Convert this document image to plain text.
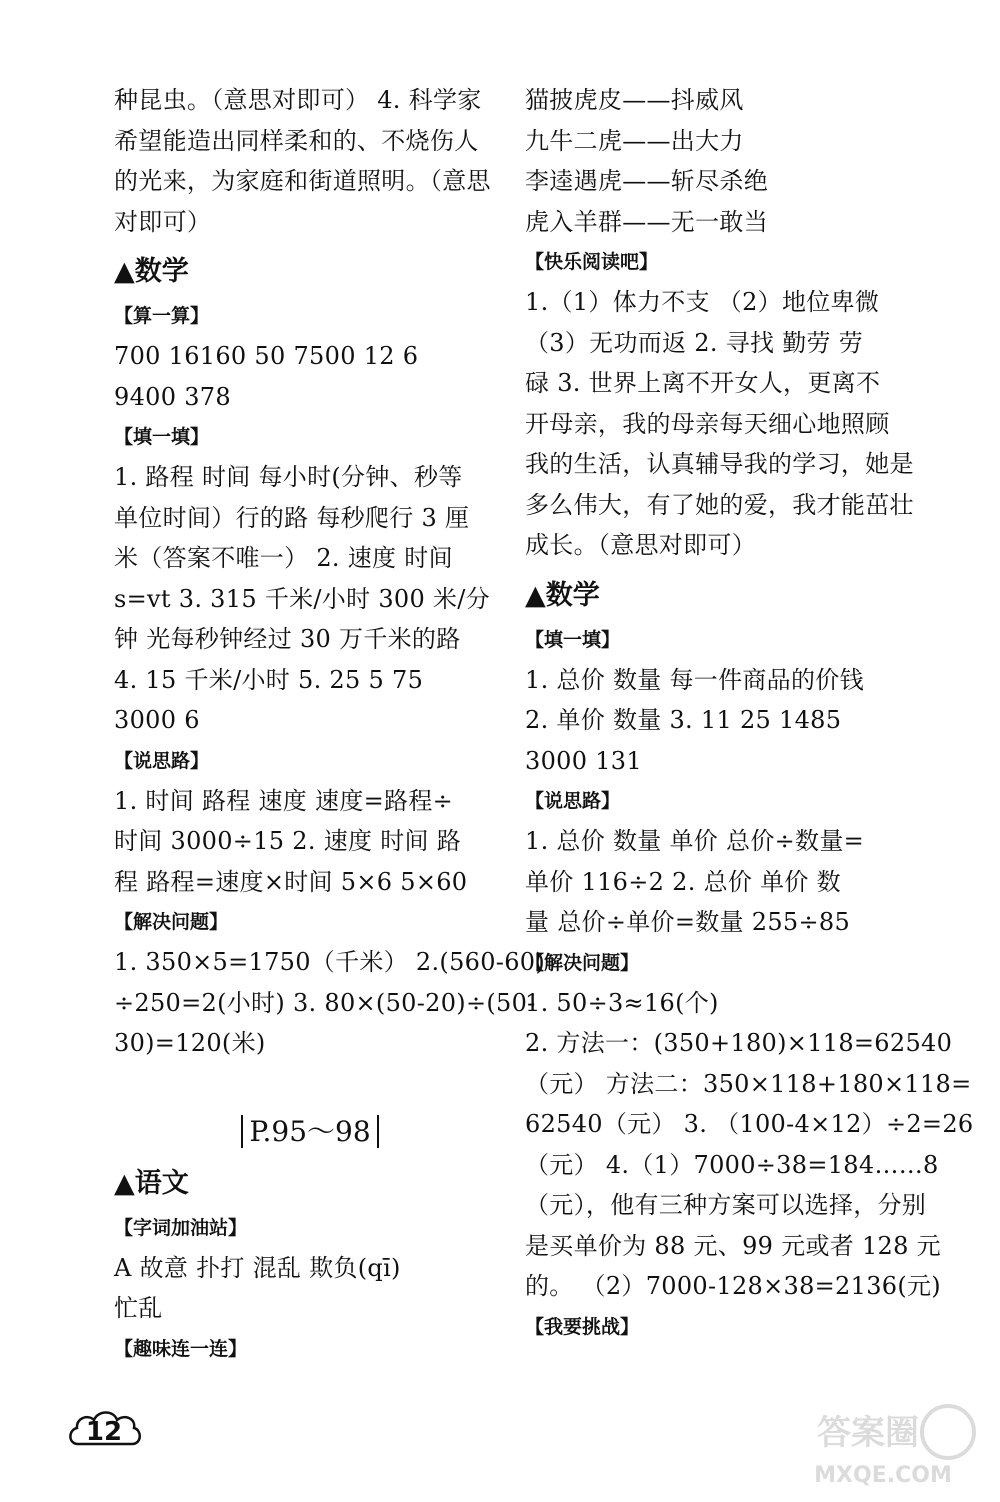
种昆虫。（意思对即可） 4. 科学家
希望能造出同样柔和的、不烧伤人
的光来，为家庭和街道照明。（意思
对即可）
▲数学
【算一算】
700 16160 50 7500 12 6
9400 378
【填一填】
1. 路程 时间 每小时(分钟、秒等
单位时间）行的路 每秒爬行 3 厘
米（答案不唯一） 2. 速度 时间
s=vt 3. 315 千米/小时 300 米/分
钟 光每秒钟经过 30 万千米的路
4. 15 千米/小时 5. 25 5 75
3000 6
【说思路】
1. 时间 路程 速度 速度=路程÷
时间 3000÷15 2. 速度 时间 路
程 路程=速度×时间 5×6 5×60
【解决问题】
1. 350×5=1750（千米） 2.(560-60)
÷250=2(小时) 3. 80×(50-20)÷(50-
30)=120(米)
P.95～98
▲语文
【字词加油站】
A 故意 扑打 混乱 欺负(qī)
忙乱
【趣味连一连】
猫披虎皮——抖威风
九牛二虎——出大力
李逵遇虎——斩尽杀绝
虎入羊群——无一敢当
【快乐阅读吧】
1.（1）体力不支 （2）地位卑微
（3）无功而返 2. 寻找 勤劳 劳
碌 3. 世界上离不开女人，更离不
开母亲，我的母亲每天细心地照顾
我的生活，认真辅导我的学习，她是
多么伟大，有了她的爱，我才能茁壮
成长。（意思对即可）
▲数学
【填一填】
1. 总价 数量 每一件商品的价钱
2. 单价 数量 3. 11 25 1485
3000 131
【说思路】
1. 总价 数量 单价 总价÷数量=
单价 116÷2 2. 总价 单价 数
量 总价÷单价=数量 255÷85
【解决问题】
1. 50÷3≈16(个)
2. 方法一：(350+180)×118=62540
（元） 方法二：350×118+180×118=
62540（元） 3. （100-4×12）÷2=26
（元） 4.（1）7000÷38=184……8
（元），他有三种方案可以选择，分别
是买单价为 88 元、99 元或者 128 元
的。 （2）7000-128×38=2136(元)
【我要挑战】
12	答案圈
MXQE.COM
